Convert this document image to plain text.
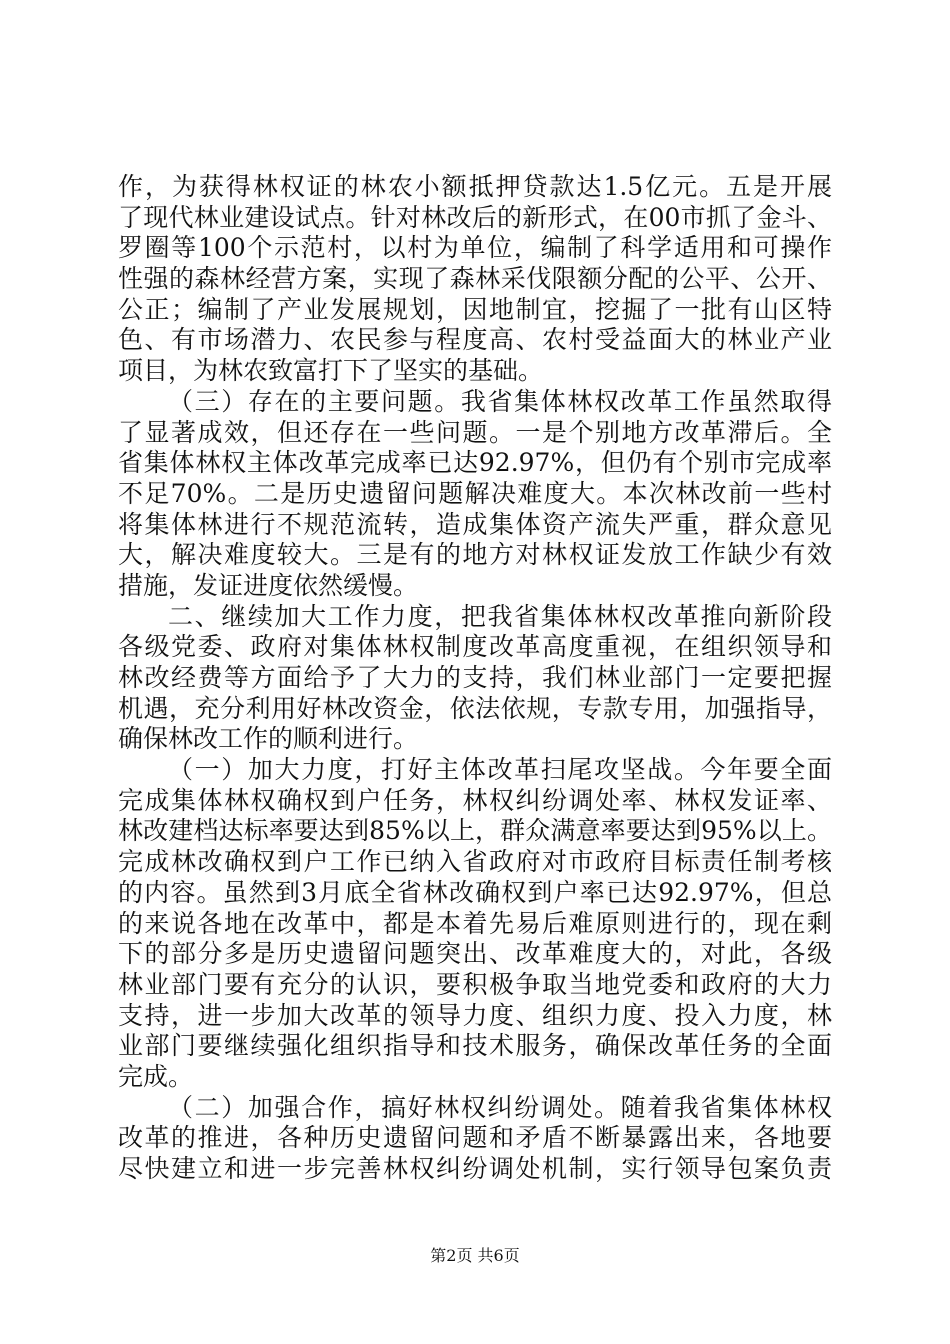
作，为获得林权证的林农小额抵押贷款达1.5亿元。五是开展
了现代林业建设试点。针对林改后的新形式，在00市抓了金斗、
罗圈等100个示范村，以村为单位，编制了科学适用和可操作
性强的森林经营方案，实现了森林采伐限额分配的公平、公开、
公正；编制了产业发展规划，因地制宜，挖掘了一批有山区特
色、有市场潜力、农民参与程度高、农村受益面大的林业产业
项目，为林农致富打下了坚实的基础。
（三）存在的主要问题。我省集体林权改革工作虽然取得
了显著成效，但还存在一些问题。一是个别地方改革滞后。全
省集体林权主体改革完成率已达92.97%，但仍有个别市完成率
不足70%。二是历史遗留问题解决难度大。本次林改前一些村
将集体林进行不规范流转，造成集体资产流失严重，群众意见
大，解决难度较大。三是有的地方对林权证发放工作缺少有效
措施，发证进度依然缓慢。
二、继续加大工作力度，把我省集体林权改革推向新阶段
各级党委、政府对集体林权制度改革高度重视，在组织领导和
林改经费等方面给予了大力的支持，我们林业部门一定要把握
机遇，充分利用好林改资金，依法依规，专款专用，加强指导，
确保林改工作的顺利进行。
（一）加大力度，打好主体改革扫尾攻坚战。今年要全面
完成集体林权确权到户任务，林权纠纷调处率、林权发证率、
林改建档达标率要达到85%以上，群众满意率要达到95%以上。
完成林改确权到户工作已纳入省政府对市政府目标责任制考核
的内容。虽然到3月底全省林改确权到户率已达92.97%，但总
的来说各地在改革中，都是本着先易后难原则进行的，现在剩
下的部分多是历史遗留问题突出、改革难度大的，对此，各级
林业部门要有充分的认识，要积极争取当地党委和政府的大力
支持，进一步加大改革的领导力度、组织力度、投入力度，林
业部门要继续强化组织指导和技术服务，确保改革任务的全面
完成。
（二）加强合作，搞好林权纠纷调处。随着我省集体林权
改革的推进，各种历史遗留问题和矛盾不断暴露出来，各地要
尽快建立和进一步完善林权纠纷调处机制，实行领导包案负责
第2页 共6页
